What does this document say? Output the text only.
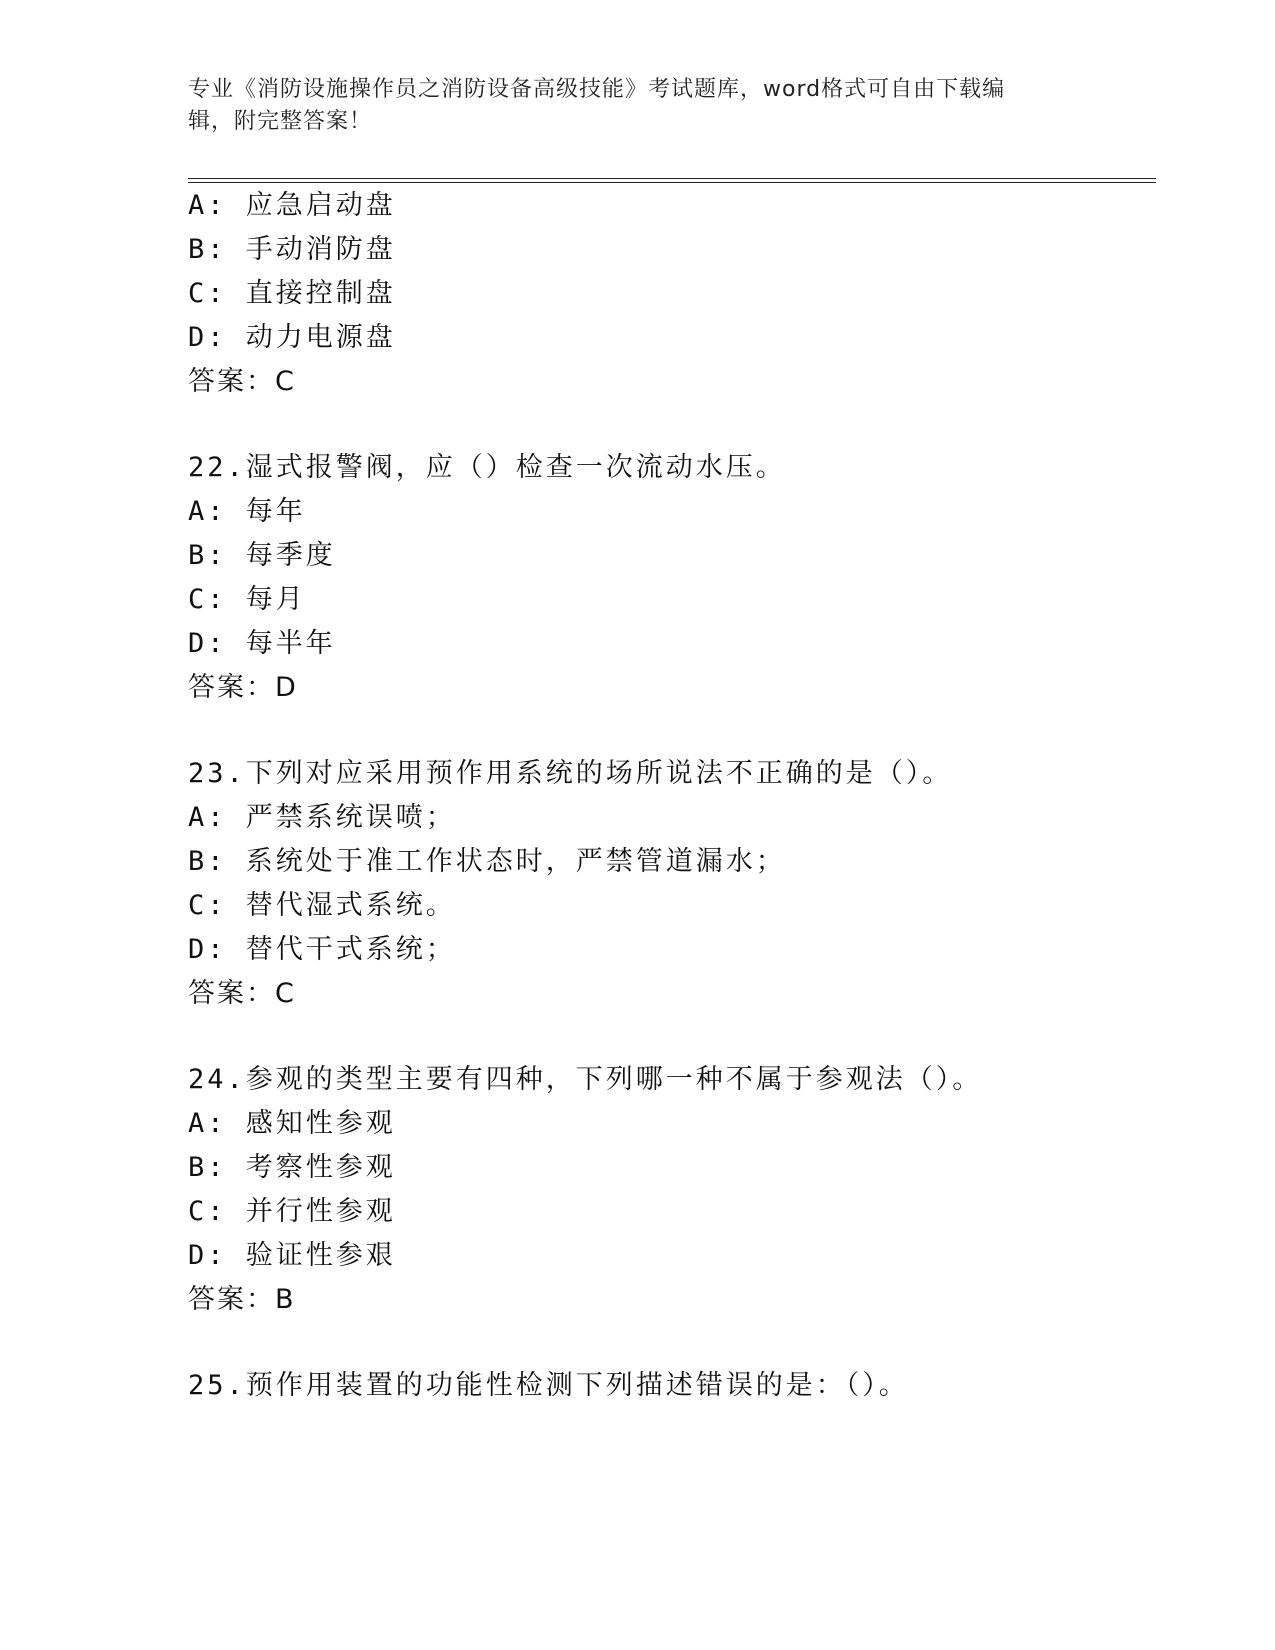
专业《消防设施操作员之消防设备高级技能》考试题库，word格式可自由下载编
辑，附完整答案！
A: 应急启动盘
B: 手动消防盘
C: 直接控制盘
D: 动力电源盘
答案：C
22.湿式报警阀，应（）检查一次流动水压。
A: 每年
B: 每季度
C: 每月
D: 每半年
答案：D
23.下列对应采用预作用系统的场所说法不正确的是（）。
A: 严禁系统误喷；
B: 系统处于准工作状态时，严禁管道漏水；
C: 替代湿式系统。
D: 替代干式系统；
答案：C
24.参观的类型主要有四种，下列哪一种不属于参观法（）。
A: 感知性参观
B: 考察性参观
C: 并行性参观
D: 验证性参艰
答案：B
25.预作用装置的功能性检测下列描述错误的是：（）。
